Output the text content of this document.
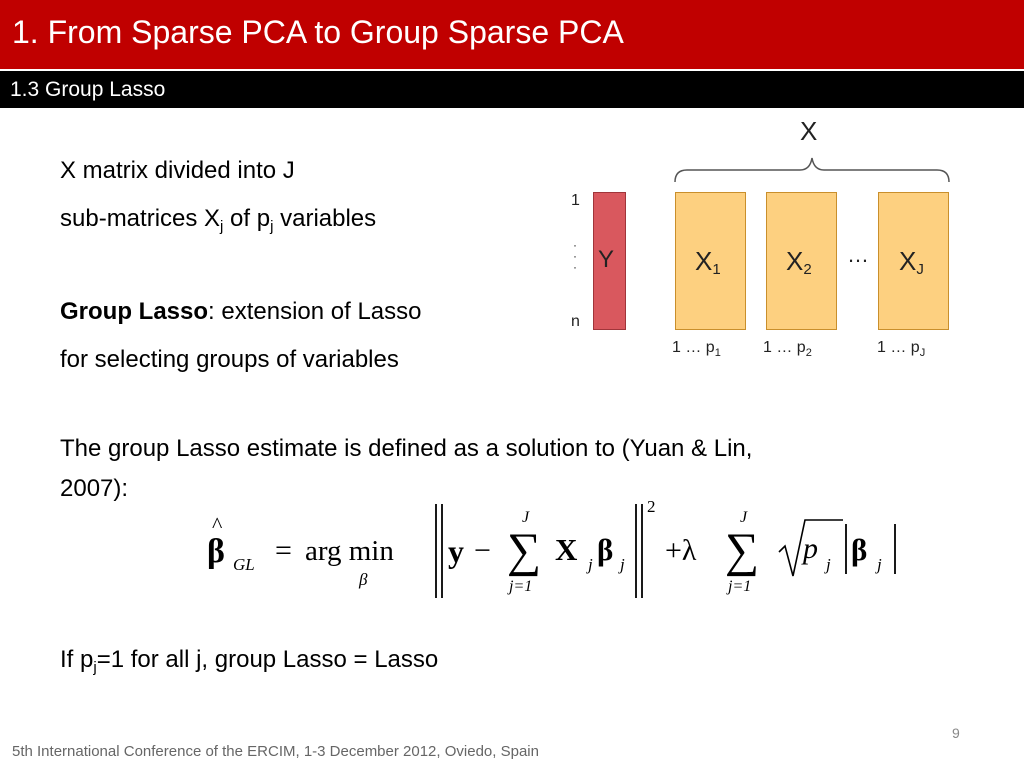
1. From Sparse PCA to Group Sparse PCA
1.3 Group Lasso
X matrix divided into J
sub-matrices $X_j$ of $p_j$ variables
Group Lasso: extension of Lasso
for selecting groups of variables
The group Lasso estimate is defined as a solution to (Yuan & Lin,
2007):
If $p_j=1$ for all j, group Lasso = Lasso
X
1
·
·
·
n
Y	$X_1$	$X_2$
… $X_J$
1 … $p_1$	1 … $p_2$	1 … $p_J$
β
^
GL = arg min
β
y − ∑
J
j=1
X j β j
2
+λ ∑
J
j=1
p j β j
9
5th International Conference of the ERCIM, 1-3 December 2012, Oviedo, Spain
